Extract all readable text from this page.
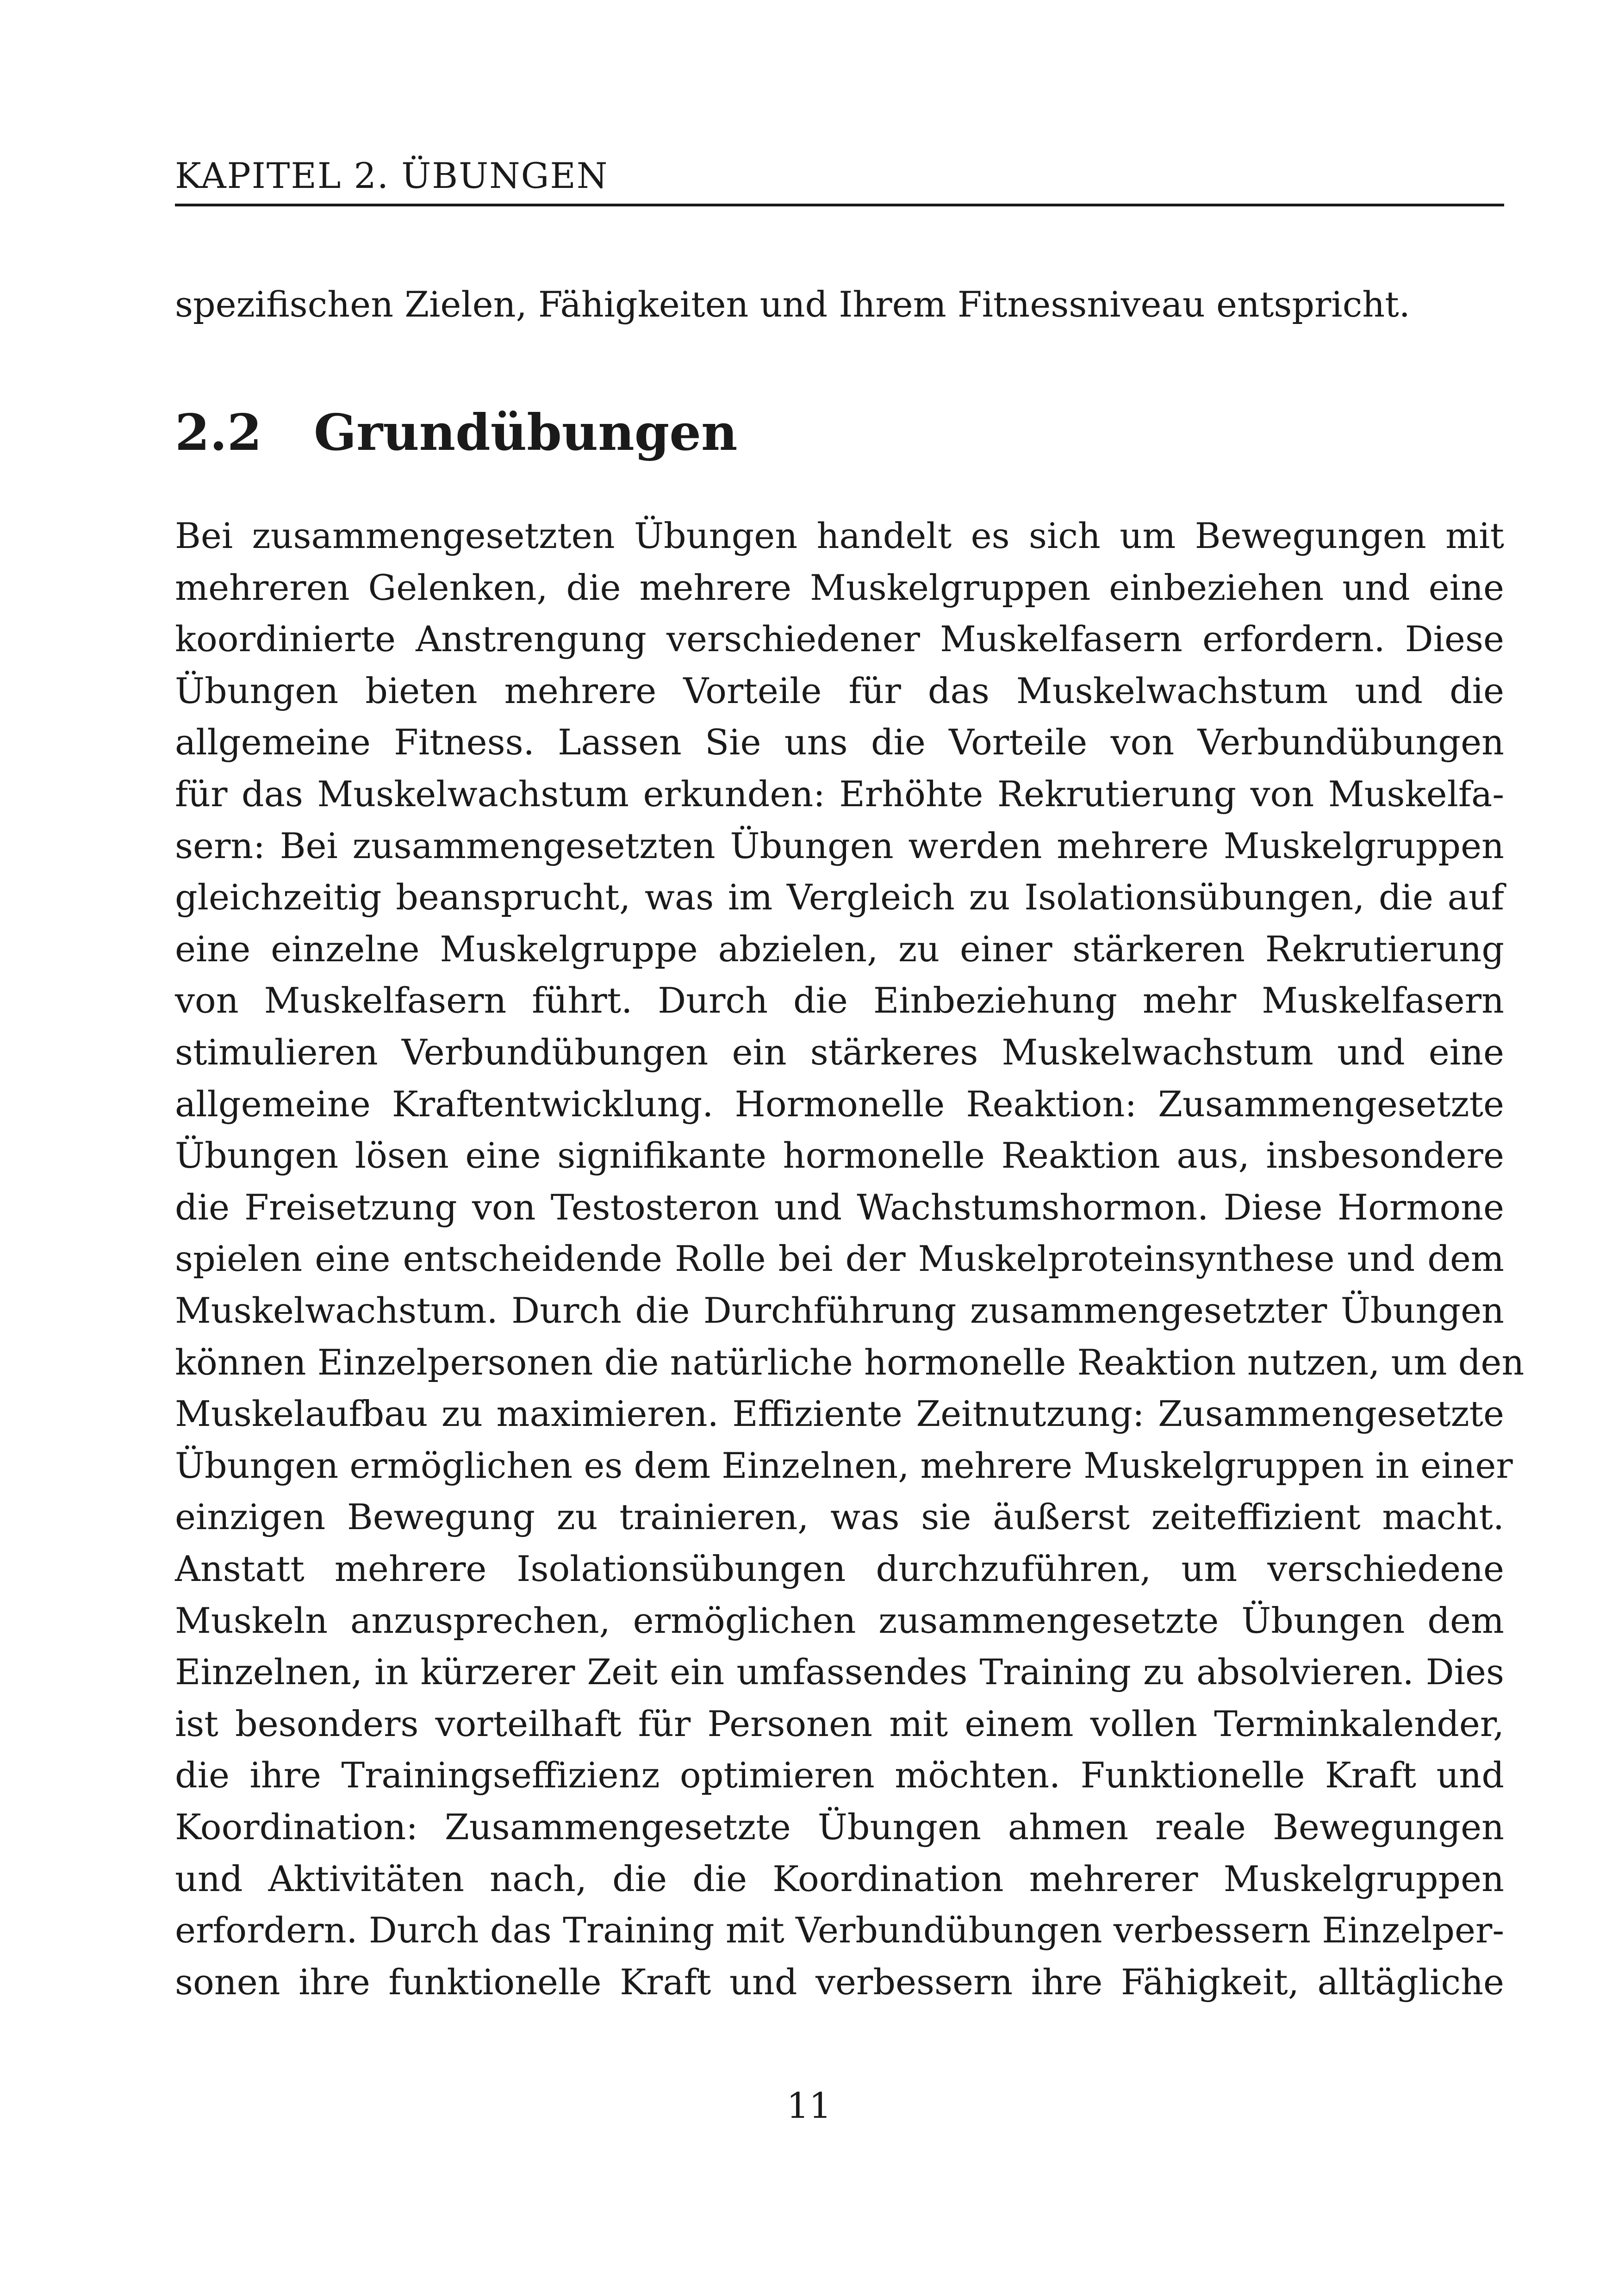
KAPITEL 2. ÜBUNGEN
spezifischen Zielen, Fähigkeiten und Ihrem Fitnessniveau entspricht.
2.2 Grundübungen
Bei zusammengesetzten Übungen handelt es sich um Bewegungen mit
mehreren Gelenken, die mehrere Muskelgruppen einbeziehen und eine
koordinierte Anstrengung verschiedener Muskelfasern erfordern. Diese
Übungen bieten mehrere Vorteile für das Muskelwachstum und die
allgemeine Fitness. Lassen Sie uns die Vorteile von Verbundübungen
für das Muskelwachstum erkunden: Erhöhte Rekrutierung von Muskelfa-
sern: Bei zusammengesetzten Übungen werden mehrere Muskelgruppen
gleichzeitig beansprucht, was im Vergleich zu Isolationsübungen, die auf
eine einzelne Muskelgruppe abzielen, zu einer stärkeren Rekrutierung
von Muskelfasern führt. Durch die Einbeziehung mehr Muskelfasern
stimulieren Verbundübungen ein stärkeres Muskelwachstum und eine
allgemeine Kraftentwicklung. Hormonelle Reaktion: Zusammengesetzte
Übungen lösen eine signifikante hormonelle Reaktion aus, insbesondere
die Freisetzung von Testosteron und Wachstumshormon. Diese Hormone
spielen eine entscheidende Rolle bei der Muskelproteinsynthese und dem
Muskelwachstum. Durch die Durchführung zusammengesetzter Übungen
können Einzelpersonen die natürliche hormonelle Reaktion nutzen, um den
Muskelaufbau zu maximieren. Effiziente Zeitnutzung: Zusammengesetzte
Übungen ermöglichen es dem Einzelnen, mehrere Muskelgruppen in einer
einzigen Bewegung zu trainieren, was sie äußerst zeiteffizient macht.
Anstatt mehrere Isolationsübungen durchzuführen, um verschiedene
Muskeln anzusprechen, ermöglichen zusammengesetzte Übungen dem
Einzelnen, in kürzerer Zeit ein umfassendes Training zu absolvieren. Dies
ist besonders vorteilhaft für Personen mit einem vollen Terminkalender,
die ihre Trainingseffizienz optimieren möchten. Funktionelle Kraft und
Koordination: Zusammengesetzte Übungen ahmen reale Bewegungen
und Aktivitäten nach, die die Koordination mehrerer Muskelgruppen
erfordern. Durch das Training mit Verbundübungen verbessern Einzelper-
sonen ihre funktionelle Kraft und verbessern ihre Fähigkeit, alltägliche
11
